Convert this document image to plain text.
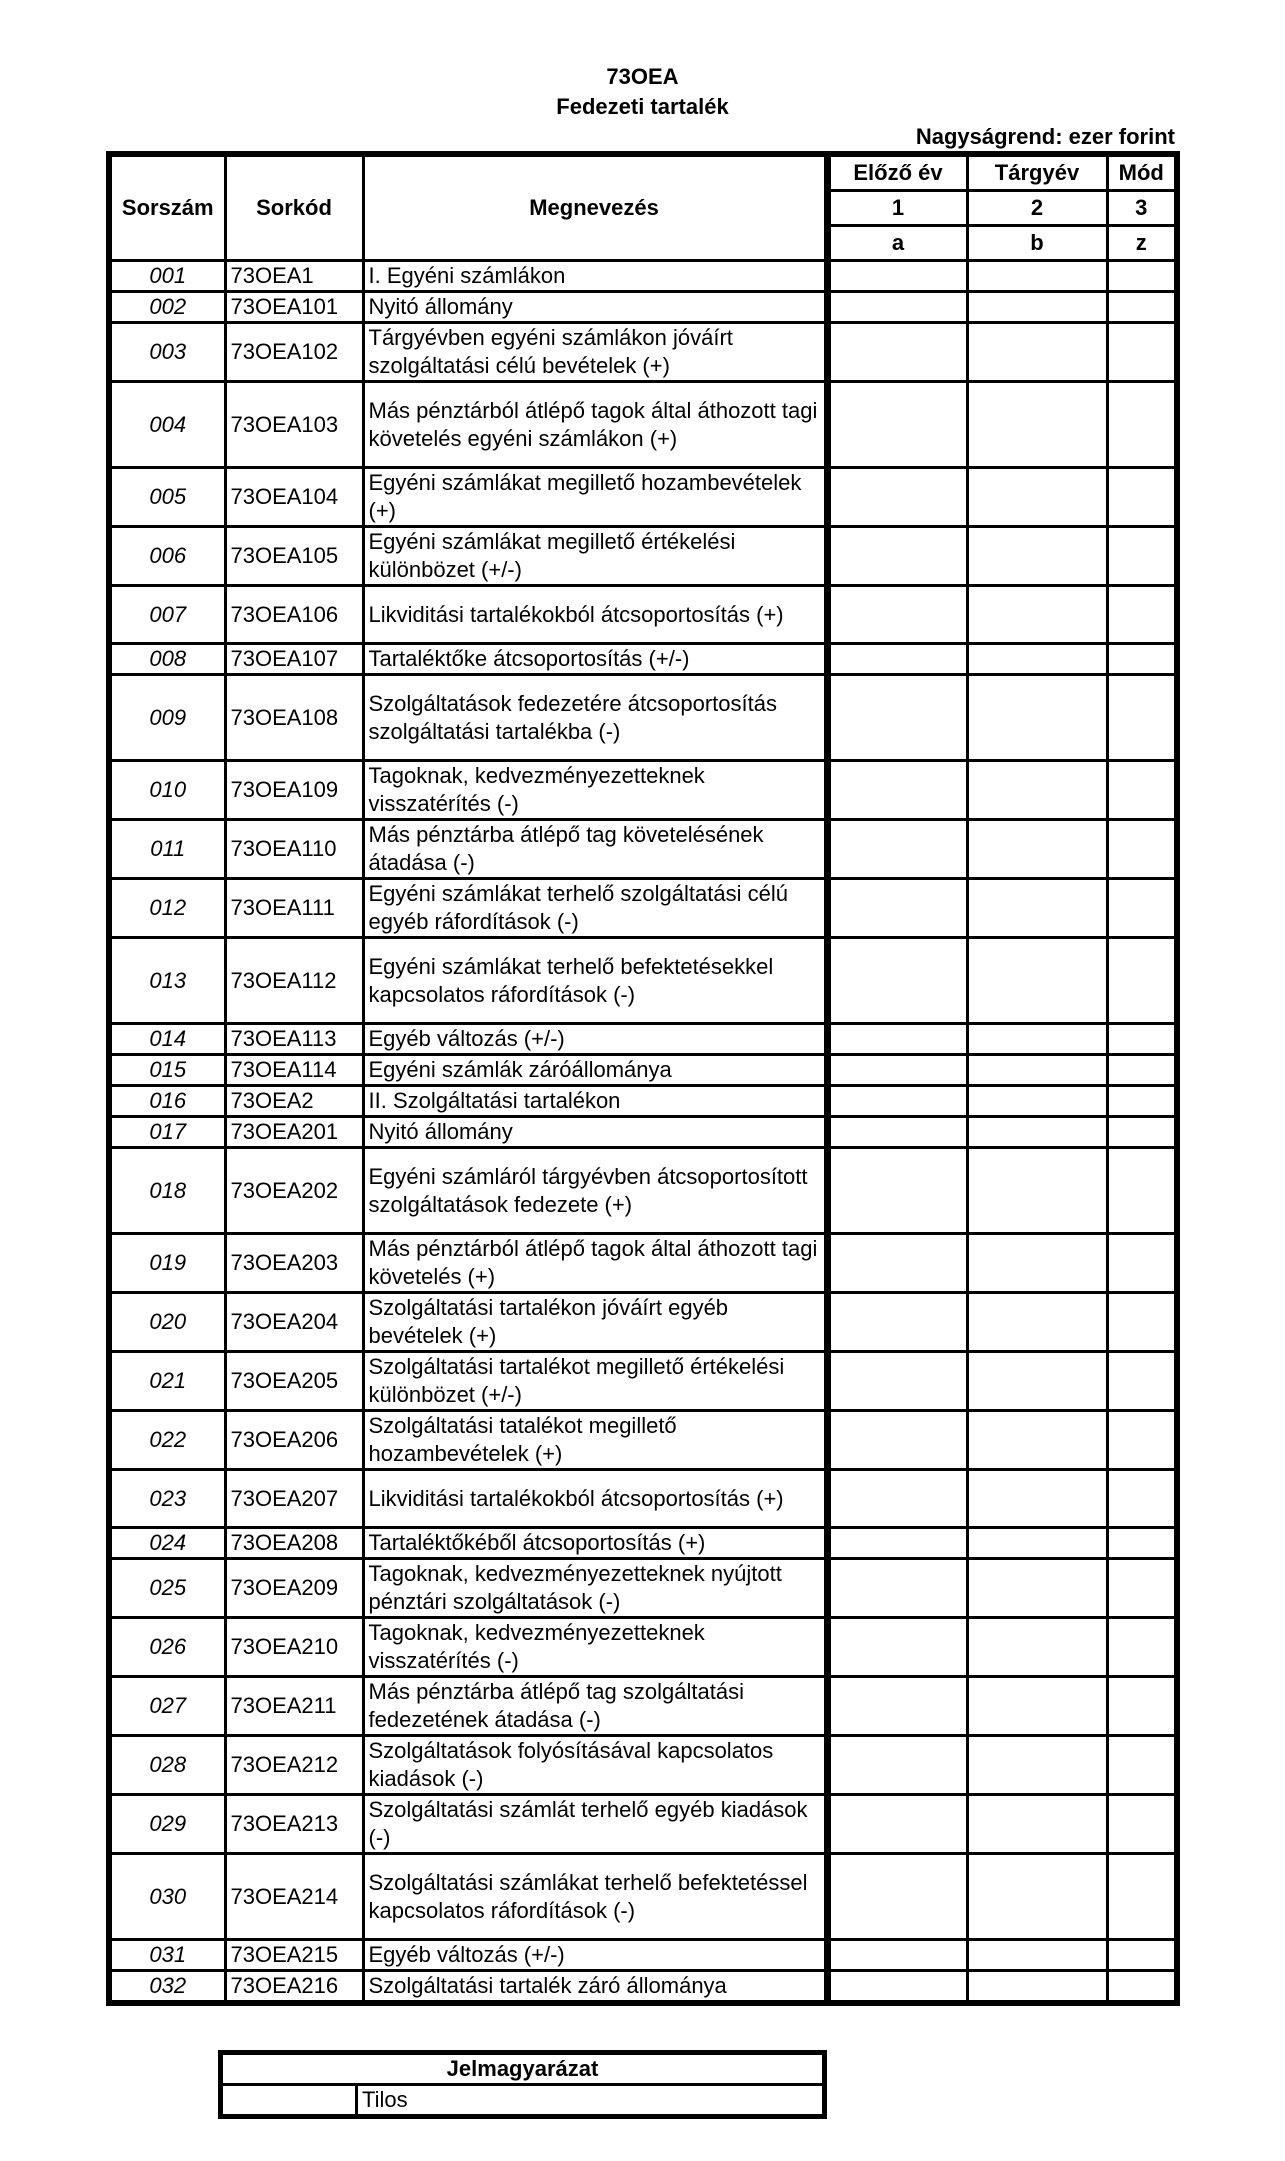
73OEA
Fedezeti tartalék
Nagyságrend: ezer forint
Sorszám	Sorkód	Megnevezés	Előző év	Tárgyév	Mód
			1	2	3
			a	b	z
001	73OEA1	I. Egyéni számlákon			
002	73OEA101	Nyitó állomány			
003	73OEA102	Tárgyévben egyéni számlákon jóváírt szolgáltatási célú bevételek (+)			
004	73OEA103	Más pénztárból átlépő tagok által áthozott tagi követelés egyéni számlákon (+)			
005	73OEA104	Egyéni számlákat megillető hozambevételek (+)			
006	73OEA105	Egyéni számlákat megillető értékelési különbözet (+/-)			
007	73OEA106	Likviditási tartalékokból átcsoportosítás (+)			
008	73OEA107	Tartaléktőke átcsoportosítás (+/-)			
009	73OEA108	Szolgáltatások fedezetére átcsoportosítás szolgáltatási tartalékba (-)			
010	73OEA109	Tagoknak, kedvezményezetteknek visszatérítés (-)			
011	73OEA110	Más pénztárba átlépő tag követelésének átadása (-)			
012	73OEA111	Egyéni számlákat terhelő szolgáltatási célú egyéb ráfordítások (-)			
013	73OEA112	Egyéni számlákat terhelő befektetésekkel kapcsolatos ráfordítások (-)			
014	73OEA113	Egyéb változás (+/-)			
015	73OEA114	Egyéni számlák záróállománya			
016	73OEA2	II. Szolgáltatási tartalékon			
017	73OEA201	Nyitó állomány			
018	73OEA202	Egyéni számláról tárgyévben átcsoportosított szolgáltatások fedezete (+)			
019	73OEA203	Más pénztárból átlépő tagok által áthozott tagi követelés (+)			
020	73OEA204	Szolgáltatási tartalékon jóváírt egyéb bevételek (+)			
021	73OEA205	Szolgáltatási tartalékot megillető értékelési különbözet (+/-)			
022	73OEA206	Szolgáltatási tatalékot megillető hozambevételek (+)			
023	73OEA207	Likviditási tartalékokból átcsoportosítás (+)			
024	73OEA208	Tartaléktőkéből átcsoportosítás (+)			
025	73OEA209	Tagoknak, kedvezményezetteknek nyújtott pénztári szolgáltatások (-)			
026	73OEA210	Tagoknak, kedvezményezetteknek visszatérítés (-)			
027	73OEA211	Más pénztárba átlépő tag szolgáltatási fedezetének átadása (-)			
028	73OEA212	Szolgáltatások folyósításával kapcsolatos kiadások (-)			
029	73OEA213	Szolgáltatási számlát terhelő egyéb kiadások (-)			
030	73OEA214	Szolgáltatási számlákat terhelő befektetéssel kapcsolatos ráfordítások (-)			
031	73OEA215	Egyéb változás (+/-)			
032	73OEA216	Szolgáltatási tartalék záró állománya			
Jelmagyarázat
	Tilos
